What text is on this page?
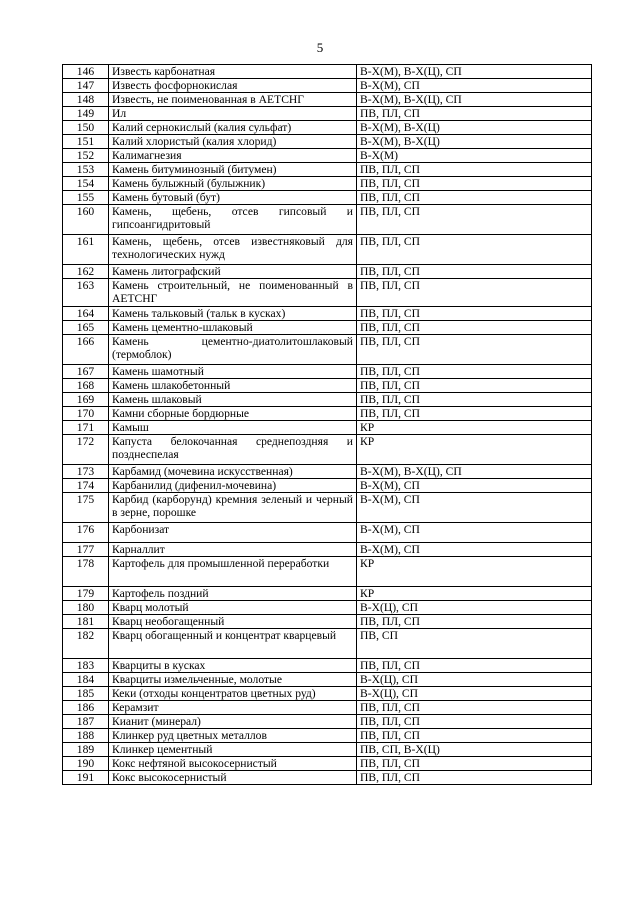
5
146	Известь карбонатная	В-Х(М), В-Х(Ц), СП
147	Известь фосфорнокислая	В-Х(М), СП
148	Известь, не поименованная в АЕТСНГ	В-Х(М), В-Х(Ц), СП
149	Ил	ПВ, ПЛ, СП
150	Калий сернокислый (калия сульфат)	В-Х(М), В-Х(Ц)
151	Калий хлористый (калия хлорид)	В-Х(М), В-Х(Ц)
152	Калимагнезия	В-Х(М)
153	Камень битуминозный (битумен)	ПВ, ПЛ, СП
154	Камень булыжный (булыжник)	ПВ, ПЛ, СП
155	Камень бутовый (бут)	ПВ, ПЛ, СП
160	Камень, щебень, отсев гипсовый и гипсоангидритовый	ПВ, ПЛ, СП
161	Камень, щебень, отсев известняковый для технологических нужд	ПВ, ПЛ, СП
162	Камень литографский	ПВ, ПЛ, СП
163	Камень строительный, не поименованный в АЕТСНГ	ПВ, ПЛ, СП
164	Камень тальковый (тальк в кусках)	ПВ, ПЛ, СП
165	Камень цементно-шлаковый	ПВ, ПЛ, СП
166	Камень цементно-диатолитошлаковый (термоблок)	ПВ, ПЛ, СП
167	Камень шамотный	ПВ, ПЛ, СП
168	Камень шлакобетонный	ПВ, ПЛ, СП
169	Камень шлаковый	ПВ, ПЛ, СП
170	Камни сборные бордюрные	ПВ, ПЛ, СП
171	Камыш	КР
172	Капуста белокочанная среднепоздняя и позднеспелая	КР
173	Карбамид (мочевина искусственная)	В-Х(М), В-Х(Ц), СП
174	Карбанилид (дифенил-мочевина)	В-Х(М), СП
175	Карбид (карборунд) кремния зеленый и черный в зерне, порошке	В-Х(М), СП
176	Карбонизат	В-Х(М), СП
177	Карналлит	В-Х(М), СП
178	Картофель для промышленной переработки	КР
179	Картофель поздний	КР
180	Кварц молотый	В-Х(Ц), СП
181	Кварц необогащенный	ПВ, ПЛ, СП
182	Кварц обогащенный и концентрат кварцевый	ПВ, СП
183	Кварциты в кусках	ПВ, ПЛ, СП
184	Кварциты измельченные, молотые	В-Х(Ц), СП
185	Кеки (отходы концентратов цветных руд)	В-Х(Ц), СП
186	Керамзит	ПВ, ПЛ, СП
187	Кианит (минерал)	ПВ, ПЛ, СП
188	Клинкер руд цветных металлов	ПВ, ПЛ, СП
189	Клинкер цементный	ПВ, СП, В-Х(Ц)
190	Кокс нефтяной высокосернистый	ПВ, ПЛ, СП
191	Кокс высокосернистый	ПВ, ПЛ, СП
